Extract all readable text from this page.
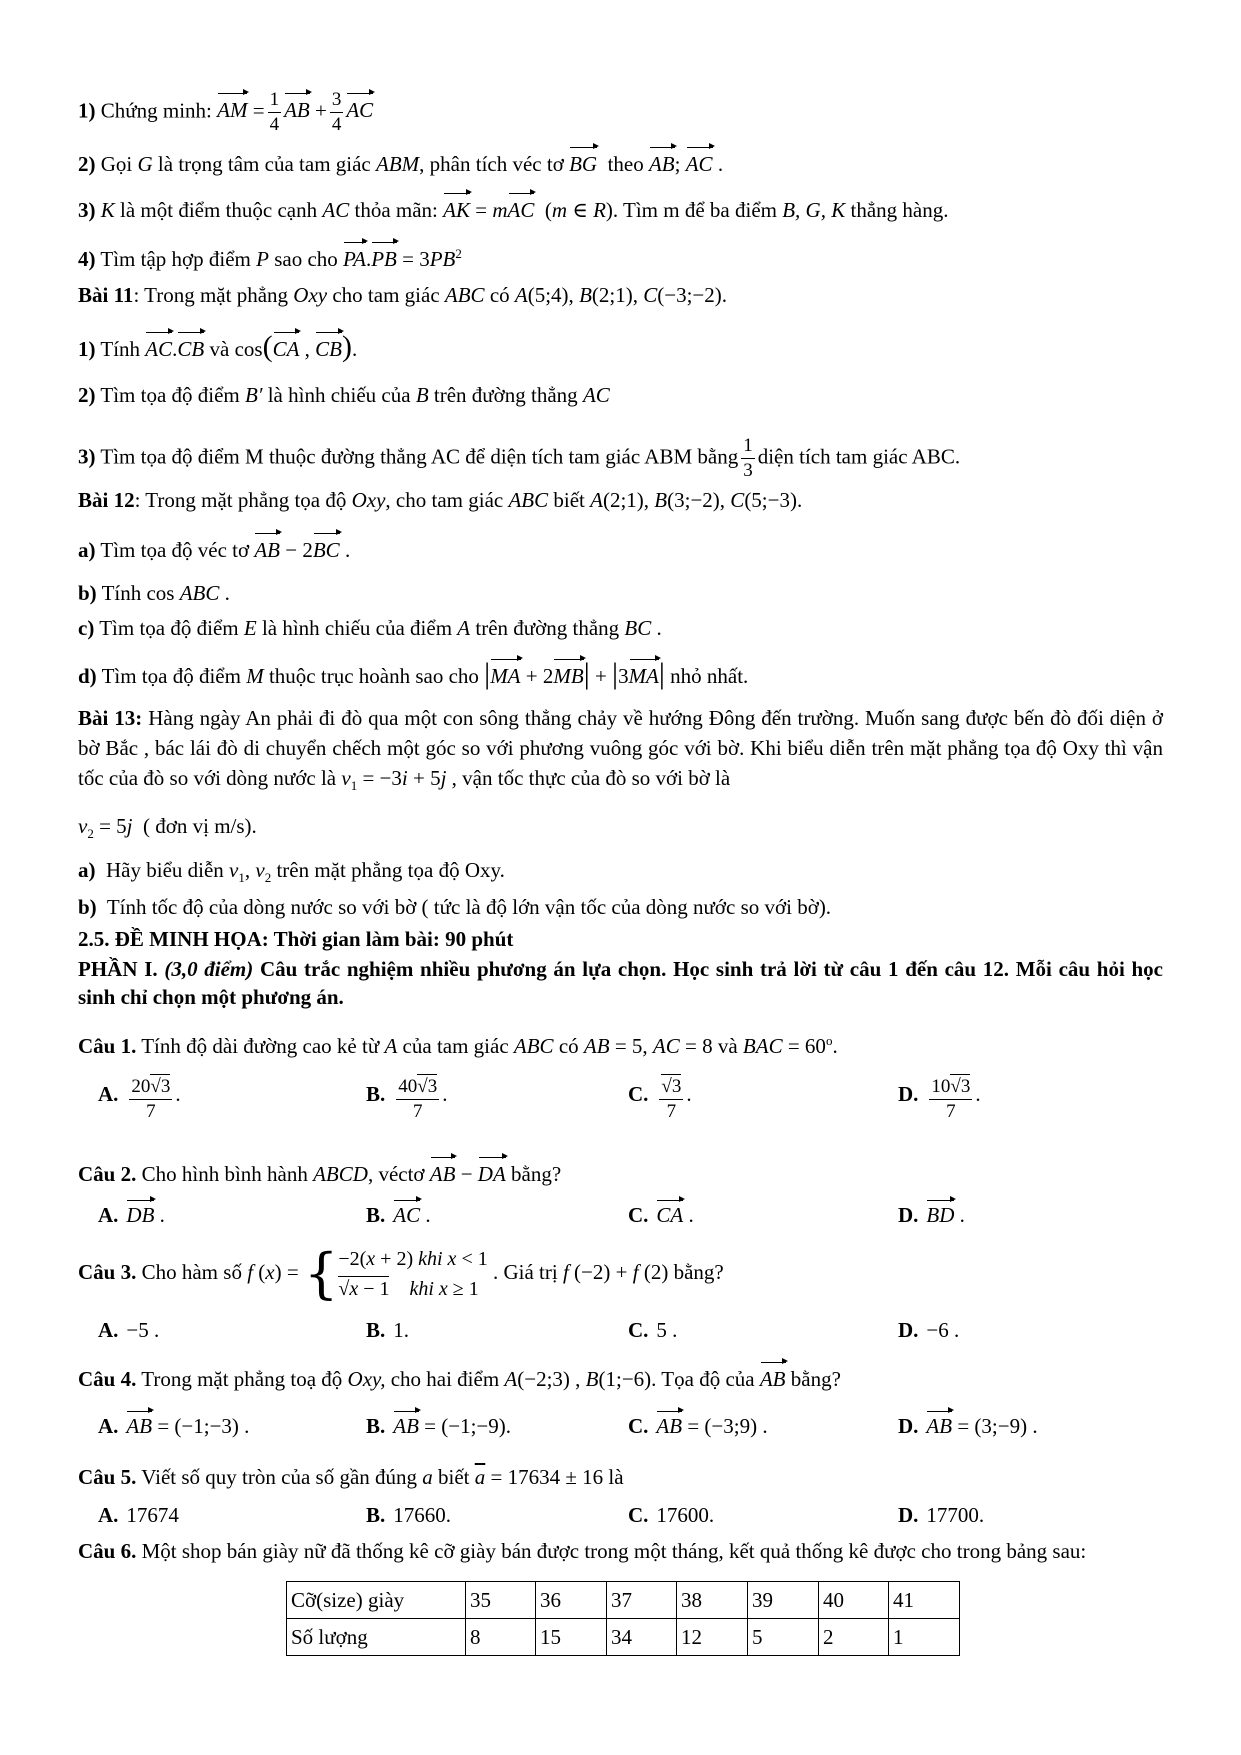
1) Chứng minh: AM = $\frac{1}{4}$ AB + $\frac{3}{4}$ AC
2) Gọi G là trọng tâm của tam giác ABM, phân tích véc tơ BG theo AB; AC .
3) K là một điểm thuộc cạnh AC thỏa mãn: AK = mAC  (m ∈ R). Tìm m để ba điểm B, G, K thẳng hàng.
4) Tìm tập hợp điểm P sao cho $PA.PB = 3PB^2$
Bài 11: Trong mặt phẳng Oxy cho tam giác ABC có A(5;4), B(2;1), C(−3;−2).
1) Tính AC.CB và cos(CA , CB).
2) Tìm tọa độ điểm B′ là hình chiếu của B trên đường thẳng AC
3) Tìm tọa độ điểm M thuộc đường thẳng AC để diện tích tam giác ABM bằng $\frac{1}{3}$ diện tích tam giác ABC.
Bài 12: Trong mặt phẳng tọa độ Oxy, cho tam giác ABC biết A(2;1), B(3;−2), C(5;−3).
a) Tìm tọa độ véc tơ AB − 2BC .
b) Tính cos ABC .
c) Tìm tọa độ điểm E là hình chiếu của điểm A trên đường thẳng BC .
d) Tìm tọa độ điểm M thuộc trục hoành sao cho |MA + 2MB| + |3MA| nhỏ nhất.
Bài 13: Hàng ngày An phải đi đò qua một con sông thẳng chảy về hướng Đông đến trường. Muốn sang được bến đò đối diện ở bờ Bắc , bác lái đò di chuyển chếch một góc so với phương vuông góc với bờ. Khi biểu diễn trên mặt phẳng tọa độ Oxy thì vận tốc của đò so với dòng nước là $v_1 = -3i + 5j$ , vận tốc thực của đò so với bờ là
$v_2 = 5j$ ( đơn vị m/s).
a) Hãy biểu diễn $v_1$, $v_2$ trên mặt phẳng tọa độ Oxy.
b) Tính tốc độ của dòng nước so với bờ ( tức là độ lớn vận tốc của dòng nước so với bờ).
2.5. ĐỀ MINH HỌA: Thời gian làm bài: 90 phút
PHẦN I. (3,0 điểm) Câu trắc nghiệm nhiều phương án lựa chọn. Học sinh trả lời từ câu 1 đến câu 12. Mỗi câu hỏi học sinh chỉ chọn một phương án.
Câu 1. Tính độ dài đường cao kẻ từ A của tam giác ABC có AB = 5, AC = 8 và BAC = $60^o$.
A. $\frac{20 √ 3}{7}$ .	B. $\frac{40 √ 3}{7}$ .	C. √ $\frac{3}{7}$ .	D. $\frac{10 √ 3}{7}$ .
Câu 2. Cho hình bình hành ABCD, véctơ AB − DA bằng?
A. DB .	B. AC .	C. CA .	D. BD .
Câu 3. Cho hàm số f (x) = { −2(x + 2) khi x < 1
√ x − 1 khi x ≥ 1
. Giá trị f (−2) + f (2) bằng?
A. −5 .	B. 1.	C. 5 .	D. −6 .
Câu 4. Trong mặt phẳng toạ độ Oxy, cho hai điểm A(−2;3) , B(1;−6). Tọa độ của AB bằng?
A. AB = (−1;−3) .	B. AB = (−1;−9).	C. AB = (−3;9) .	D. AB = (3;−9) .
Câu 5. Viết số quy tròn của số gần đúng a biết $\overline{a} = 17634 \pm 16$ là
A. 17674	B. 17660.	C. 17600.	D. 17700.
Câu 6. Một shop bán giày nữ đã thống kê cỡ giày bán được trong một tháng, kết quả thống kê được cho trong bảng sau:
Cỡ(size) giày	35	36	37	38	39	40	41
Số lượng	8	15	34	12	5	2	1
